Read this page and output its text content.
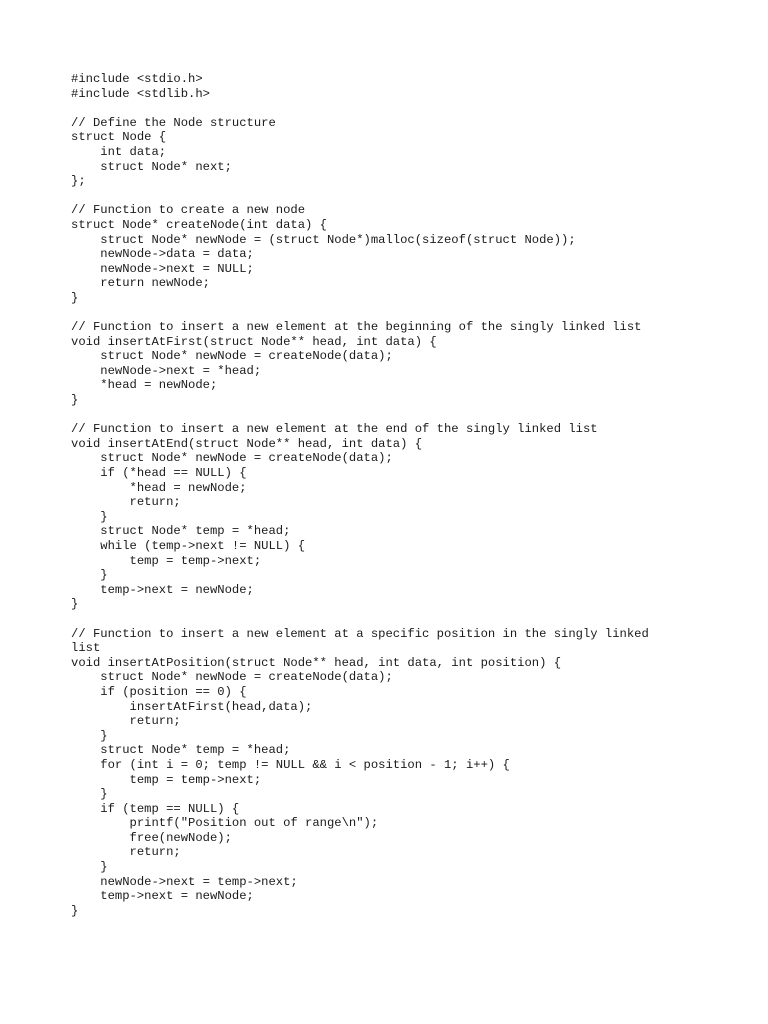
#include <stdio.h>
#include <stdlib.h>
// Define the Node structure
struct Node {
int data;
struct Node* next;
};
// Function to create a new node
struct Node* createNode(int data) {
struct Node* newNode = (struct Node*)malloc(sizeof(struct Node));
newNode->data = data;
newNode->next = NULL;
return newNode;
}
// Function to insert a new element at the beginning of the singly linked list
void insertAtFirst(struct Node** head, int data) {
struct Node* newNode = createNode(data);
newNode->next = *head;
*head = newNode;
}
// Function to insert a new element at the end of the singly linked list
void insertAtEnd(struct Node** head, int data) {
struct Node* newNode = createNode(data);
if (*head == NULL) {
*head = newNode;
return;
}
struct Node* temp = *head;
while (temp->next != NULL) {
temp = temp->next;
}
temp->next = newNode;
}
// Function to insert a new element at a specific position in the singly linked
list
void insertAtPosition(struct Node** head, int data, int position) {
struct Node* newNode = createNode(data);
if (position == 0) {
insertAtFirst(head,data);
return;
}
struct Node* temp = *head;
for (int i = 0; temp != NULL && i < position - 1; i++) {
temp = temp->next;
}
if (temp == NULL) {
printf("Position out of range\n");
free(newNode);
return;
}
newNode->next = temp->next;
temp->next = newNode;
}
